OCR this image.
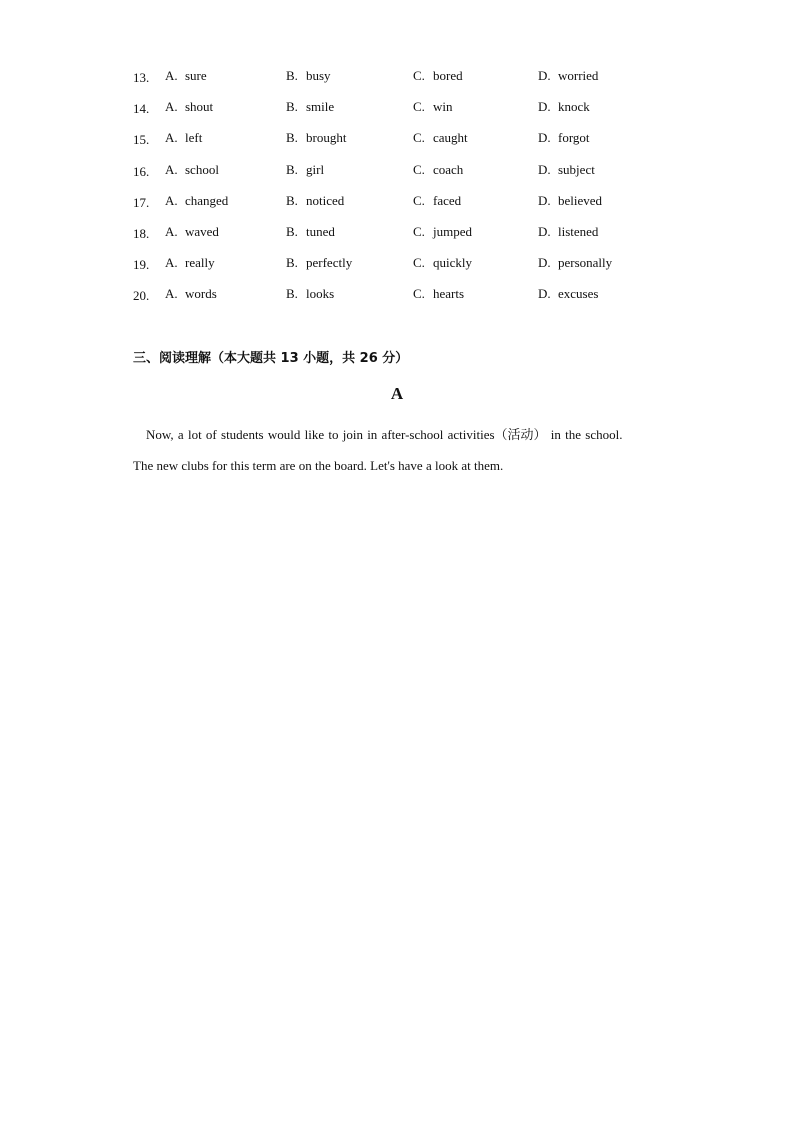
13.	A. sure	B. busy	C. bored	D. worried
14.	A. shout	B. smile	C. win	D. knock
15.	A. left	B. brought	C. caught	D. forgot
16.	A. school	B. girl	C. coach	D. subject
17.	A. changed	B. noticed	C. faced	D. believed
18.	A. waved	B. tuned	C. jumped	D. listened
19.	A. really	B. perfectly	C. quickly	D. personally
20.	A. words	B. looks	C. hearts	D. excuses
三、阅读理解（本大题共 13 小题，共 26 分）
A

Now, a lot of students would like to join in after-school activities（活动） in the school.

The new clubs for this term are on the board. Let's have a look at them.
